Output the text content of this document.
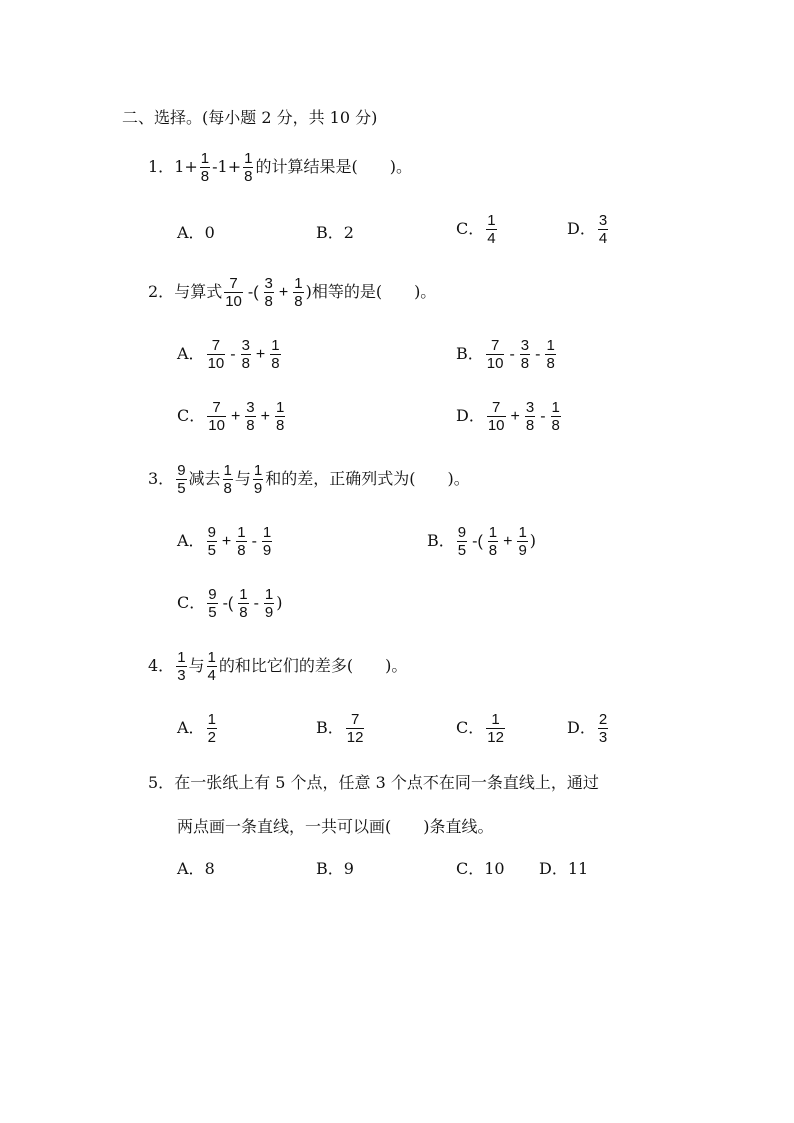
二、选择。(每小题 2 分，共 10 分)
1．$1+ \frac{1}{8} -1+ \frac{1}{8}$ 的计算结果是(　　)。
A．0	B．2	C． $\frac{1}{4}$	D． $\frac{3}{4}$
2．与算式 $\frac{7}{10}$ -( $\frac{3}{8} + \frac{1}{8}$ )相等的是(　　)。
A． $\frac{7}{10} - \frac{3}{8} + \frac{1}{8}$	B． $\frac{7}{10} - \frac{3}{8} - \frac{1}{8}$
C． $\frac{7}{10} + \frac{3}{8} + \frac{1}{8}$	D． $\frac{7}{10} + \frac{3}{8} - \frac{1}{8}$
3． $\frac{9}{5}$ 减去 $\frac{1}{8}$ 与 $\frac{1}{9}$ 和的差，正确列式为(　　)。
A． $\frac{9}{5} + \frac{1}{8} - \frac{1}{9}$	B． $\frac{9}{5}$ -( $\frac{1}{8} + \frac{1}{9}$ )
C． $\frac{9}{5}$ -( $\frac{1}{8} - \frac{1}{9}$ )
4． $\frac{1}{3}$ 与 $\frac{1}{4}$ 的和比它们的差多(　　)。
A． $\frac{1}{2}$	B． $\frac{7}{12}$	C． $\frac{1}{12}$	D． $\frac{2}{3}$
5．在一张纸上有 5 个点，任意 3 个点不在同一条直线上，通过
两点画一条直线，一共可以画(　　)条直线。
A．8	B．9	C．10 D．11
